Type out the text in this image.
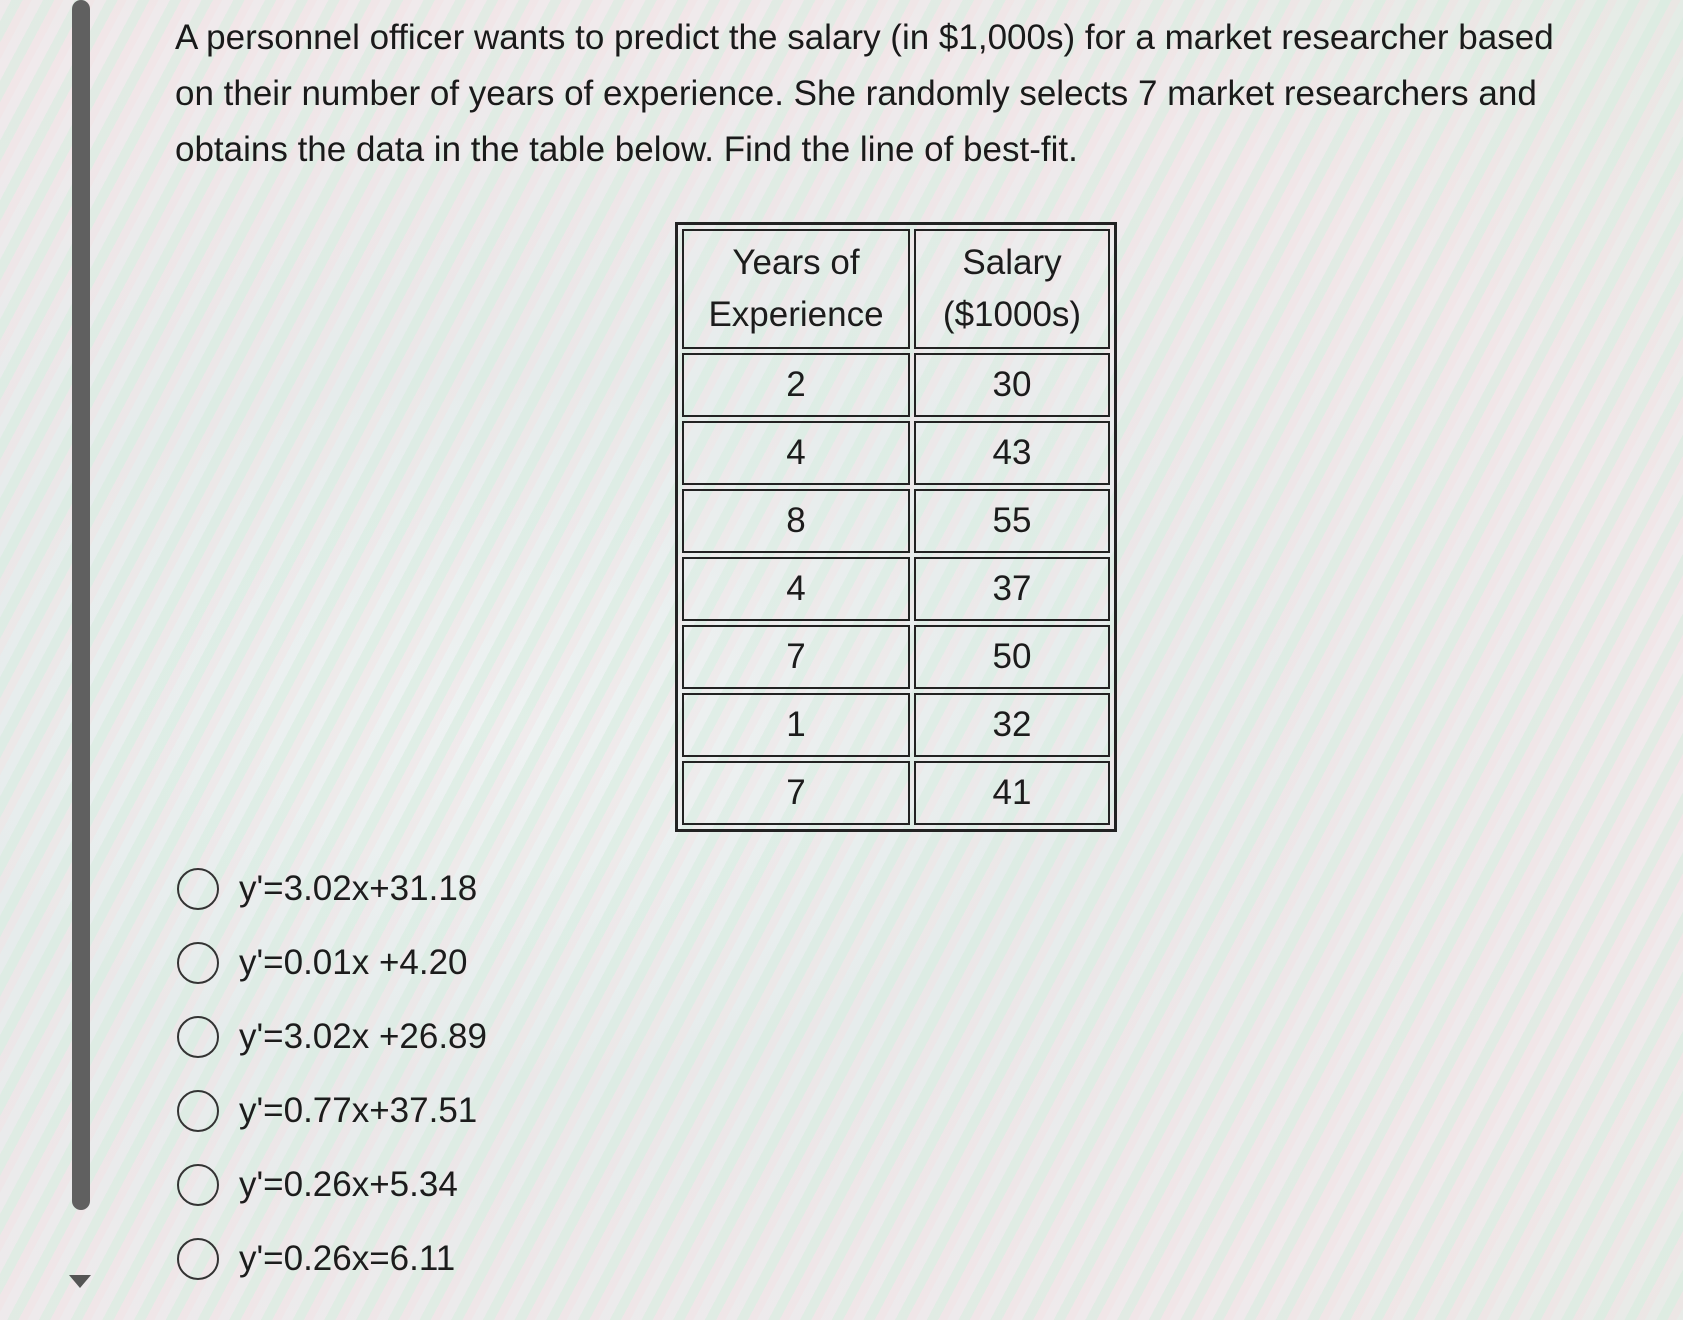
A personnel officer wants to predict the salary (in $1,000s) for a market researcher based on their number of years of experience. She randomly selects 7 market researchers and obtains the data in the table below. Find the line of best-fit.
Years of Experience	Salary ($1000s)
2	30
4	43
8	55
4	37
7	50
1	32
7	41
y'=3.02x+31.18
y'=0.01x +4.20
y'=3.02x +26.89
y'=0.77x+37.51
y'=0.26x+5.34
y'=0.26x=6.11
